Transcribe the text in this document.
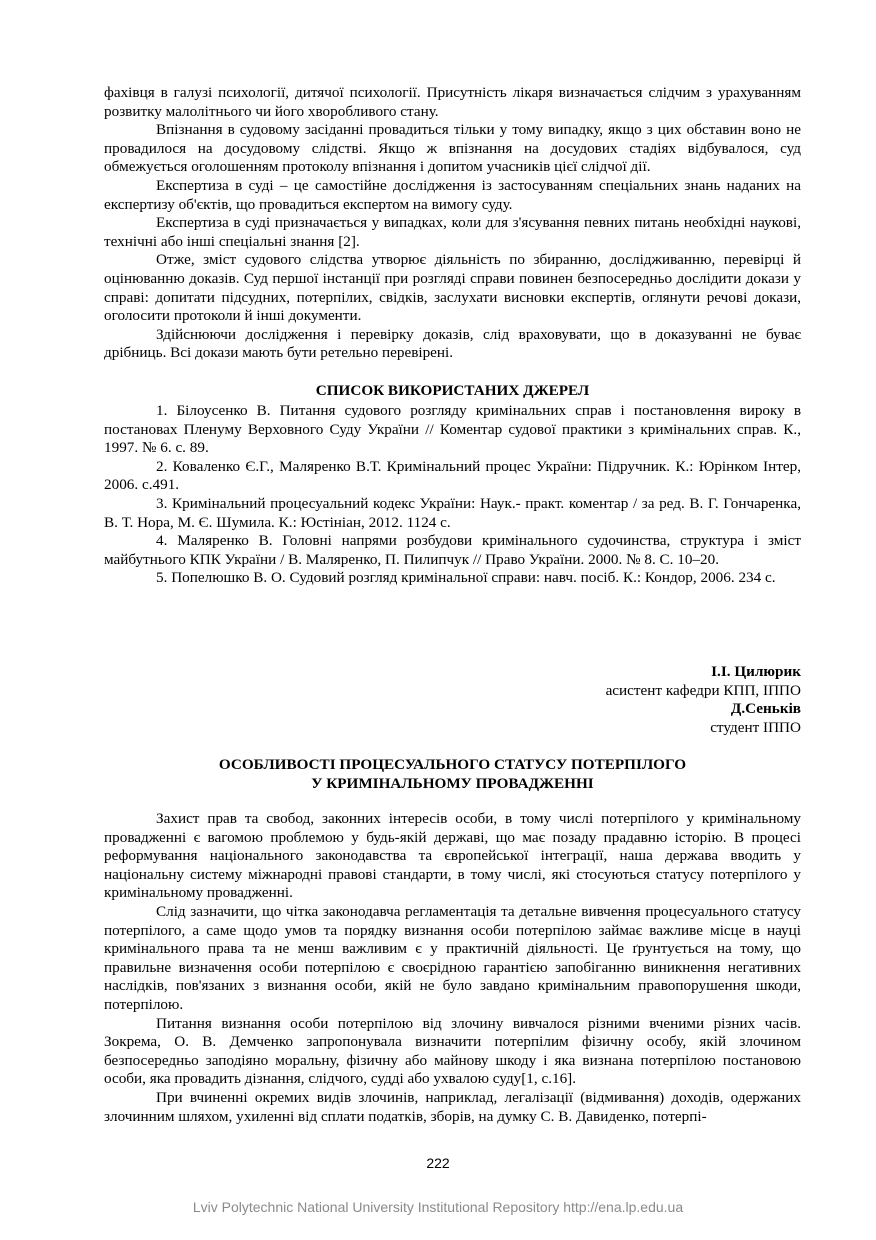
фахівця в галузі психології, дитячої психології. Присутність лікаря визначається слідчим з урахуванням розвитку малолітнього чи його хворобливого стану.

Впізнання в судовому засіданні провадиться тільки у тому випадку, якщо з цих обставин воно не провадилося на досудовому слідстві. Якщо ж впізнання на досудових стадіях відбувалося, суд обмежується оголошенням протоколу впізнання і допитом учасників цієї слідчої дії.

Експертиза в суді – це самостійне дослідження із застосуванням спеціальних знань наданих на експертизу об'єктів, що провадиться експертом на вимогу суду.

Експертиза в суді призначається у випадках, коли для з'ясування певних питань необхідні наукові, технічні або інші спеціальні знання [2].

Отже, зміст судового слідства утворює діяльність по збиранню, дослідживанню, перевірці й оцінюванню доказів. Суд першої інстанції при розгляді справи повинен безпосередньо дослідити докази у справі: допитати підсудних, потерпілих, свідків, заслухати висновки експертів, оглянути речові докази, оголосити протоколи й інші документи.

Здійснюючи дослідження і перевірку доказів, слід враховувати, що в доказуванні не буває дрібниць. Всі докази мають бути ретельно перевірені.

СПИСОК ВИКОРИСТАНИХ ДЖЕРЕЛ

1. Білоусенко В. Питання судового розгляду кримінальних справ і постановлення вироку в постановах Пленуму Верховного Суду України // Коментар судової практики з кримінальних справ. К., 1997. № 6. с. 89.

2. Коваленко Є.Г., Маляренко В.Т. Кримінальний процес України: Підручник. К.: Юрінком Інтер, 2006. с.491.

3. Кримінальний процесуальний кодекс України: Наук.- практ. коментар / за ред. В. Г. Гончаренка, В. Т. Нора, М. Є. Шумила. К.: Юстініан, 2012. 1124 с.

4. Маляренко В. Головні напрями розбудови кримінального судочинства, структура і зміст майбутнього КПК України / В. Маляренко, П. Пилипчук // Право України. 2000. № 8. С. 10–20.

5. Попелюшко В. О. Судовий розгляд кримінальної справи: навч. посіб. К.: Кондор, 2006. 234 с.

І.І. Цилюрик
асистент кафедри КПП, ІППО
Д.Сеньків
студент ІППО
ОСОБЛИВОСТІ ПРОЦЕСУАЛЬНОГО СТАТУСУ ПОТЕРПІЛОГО
У КРИМІНАЛЬНОМУ ПРОВАДЖЕННІ

Захист прав та свобод, законних інтересів особи, в тому числі потерпілого у кримінальному провадженні є вагомою проблемою у будь-якій державі, що має позаду прадавню історію. В процесі реформування національного законодавства та європейської інтеграції, наша держава вводить у національну систему міжнародні правові стандарти, в тому числі, які стосуються статусу потерпілого у кримінальному провадженні.

Слід зазначити, що чітка законодавча регламентація та детальне вивчення процесуального статусу потерпілого, а саме щодо умов та порядку визнання особи потерпілою займає важливе місце в науці кримінального права та не менш важливим є у практичній діяльності. Це ґрунтується на тому, що правильне визначення особи потерпілою є своєрідною гарантією запобіганню виникнення негативних наслідків, пов'язаних з визнання особи, якій не було завдано кримінальним правопорушення шкоди, потерпілою.

Питання визнання особи потерпілою від злочину вивчалося різними вченими різних часів. Зокрема, О. В. Демченко запропонувала визначити потерпілим фізичну особу, якій злочином безпосередньо заподіяно моральну, фізичну або майнову шкоду і яка визнана потерпілою постановою особи, яка провадить дізнання, слідчого, судді або ухвалою суду[1, с.16].

При вчиненні окремих видів злочинів, наприклад, легалізації (відмивання) доходів, одержаних злочинним шляхом, ухиленні від сплати податків, зборів, на думку С. В. Давиденко, потерпі-

222
Lviv Polytechnic National University Institutional Repository http://ena.lp.edu.ua
